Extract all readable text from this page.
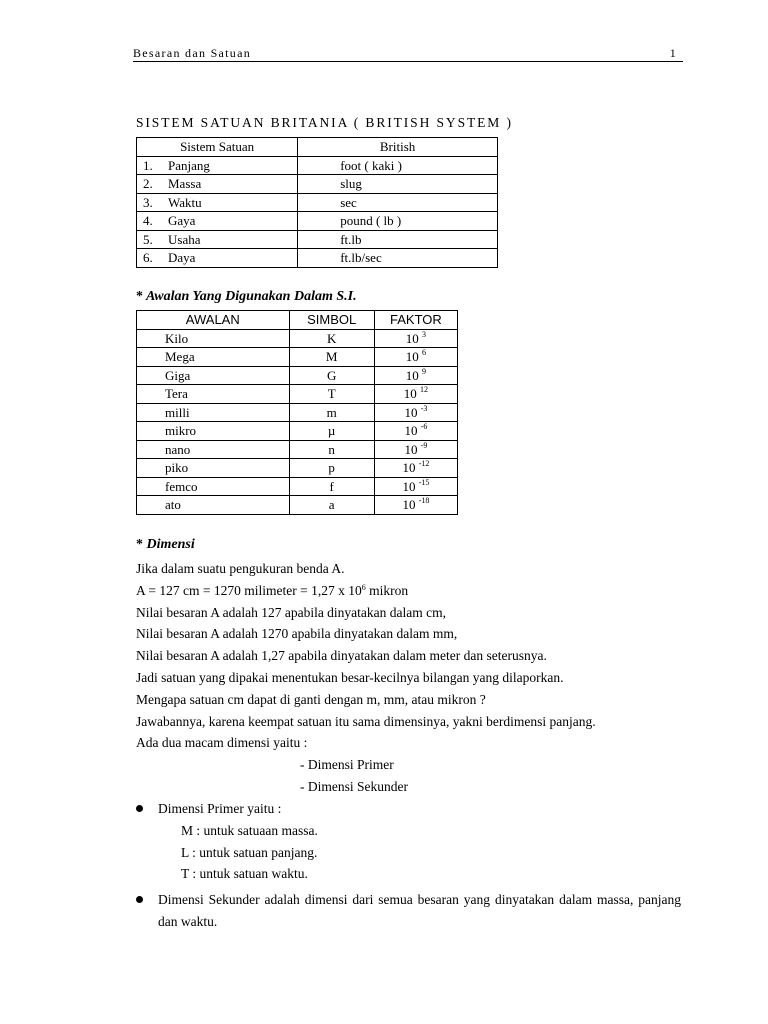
Besaran dan Satuan	1
SISTEM SATUAN BRITANIA ( BRITISH SYSTEM )
Sistem Satuan	British
1. Panjang	foot ( kaki )
2. Massa	slug
3. Waktu	sec
4. Gaya	pound ( lb )
5. Usaha	ft.lb
6. Daya	ft.lb/sec
* Awalan Yang Digunakan Dalam S.I.
AWALAN	SIMBOL	FAKTOR
Kilo	K	10 $^3$
Mega	M	10 $^6$
Giga	G	10 $^9$
Tera	T	10 $^{12}$
milli	m	10 $^{-3}$
mikro	µ	10 $^{-6}$
nano	n	10 $^{-9}$
piko	p	10 $^{-12}$
femco	f	10 $^{-15}$
ato	a	10 $^{-18}$
* Dimensi
Jika dalam suatu pengukuran benda A.
A = 127 cm = 1270 milimeter = 1,27 x $10^6$ mikron
Nilai besaran A adalah 127 apabila dinyatakan dalam cm,
Nilai besaran A adalah 1270 apabila dinyatakan dalam mm,
Nilai besaran A adalah 1,27 apabila dinyatakan dalam meter dan seterusnya.
Jadi satuan yang dipakai menentukan besar-kecilnya bilangan yang dilaporkan.
Mengapa satuan cm dapat di ganti dengan m, mm, atau mikron ?
Jawabannya, karena keempat satuan itu sama dimensinya, yakni berdimensi panjang.
Ada dua macam dimensi yaitu :
- Dimensi Primer
- Dimensi Sekunder
Dimensi Primer yaitu :
M : untuk satuaan massa.
L : untuk satuan panjang.
T : untuk satuan waktu.
Dimensi Sekunder adalah dimensi dari semua besaran yang dinyatakan dalam massa, panjang dan waktu.
